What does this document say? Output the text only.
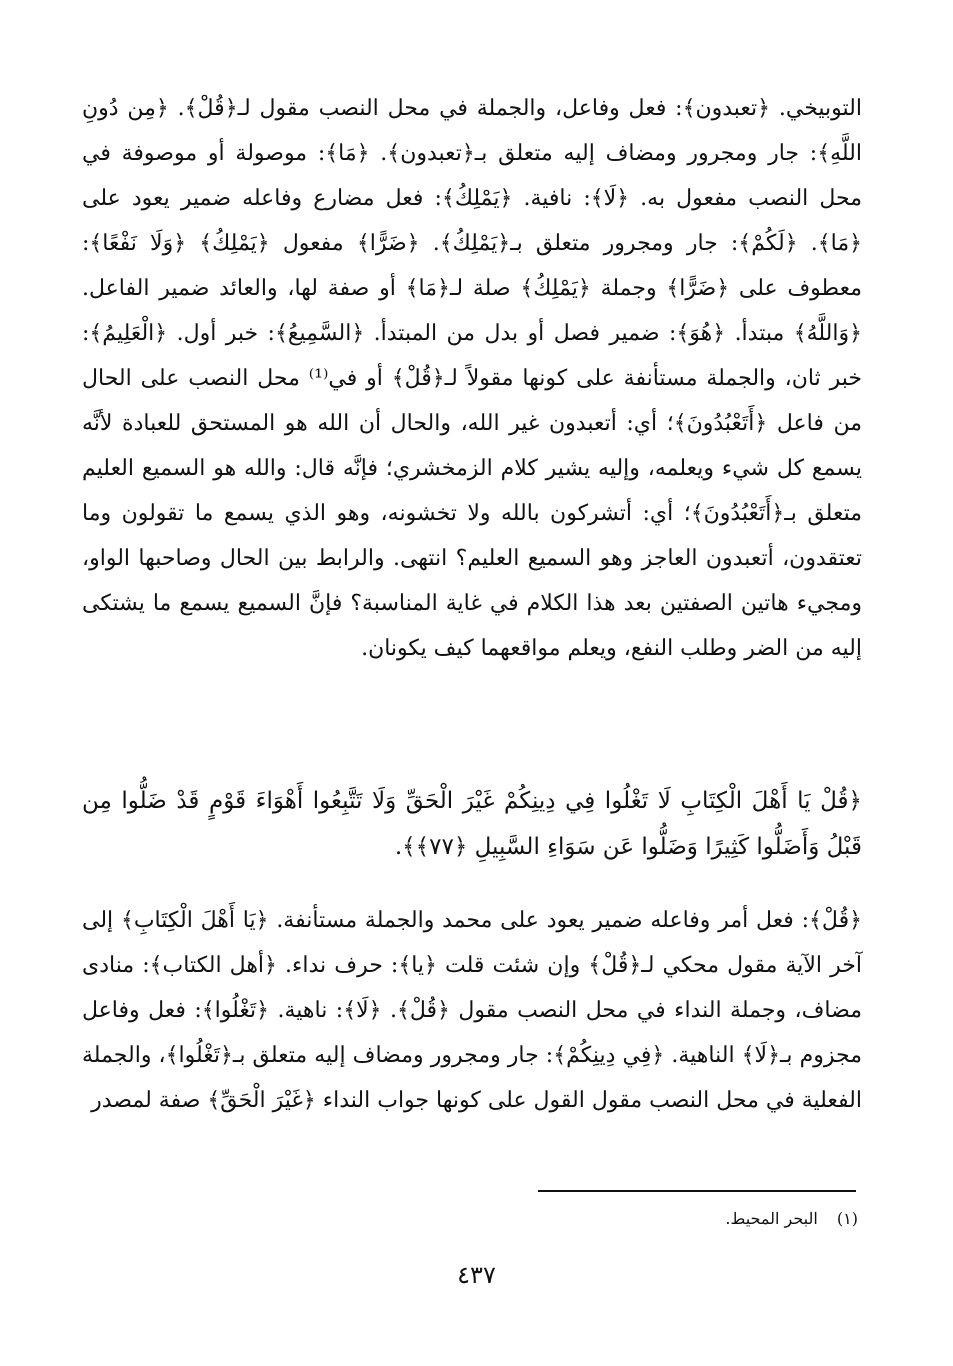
التوبيخي. ﴿تعبدون﴾: فعل وفاعل، والجملة في محل النصب مقول لـ﴿قُلْ﴾. ﴿مِن دُونِ اللَّهِ﴾: جار ومجرور ومضاف إليه متعلق بـ﴿تعبدون﴾. ﴿مَا﴾: موصولة أو موصوفة في محل النصب مفعول به. ﴿لَا﴾: نافية. ﴿يَمْلِكُ﴾: فعل مضارع وفاعله ضمير يعود على ﴿مَا﴾. ﴿لَكُمْ﴾: جار ومجرور متعلق بـ﴿يَمْلِكُ﴾. ﴿ضَرًّا﴾ مفعول ﴿يَمْلِكُ﴾ ﴿وَلَا نَفْعًا﴾: معطوف على ﴿ضَرًّا﴾ وجملة ﴿يَمْلِكُ﴾ صلة لـ﴿مَا﴾ أو صفة لها، والعائد ضمير الفاعل. ﴿وَاللَّهُ﴾ مبتدأ. ﴿هُوَ﴾: ضمير فصل أو بدل من المبتدأ. ﴿السَّمِيعُ﴾: خبر أول. ﴿الْعَلِيمُ﴾: خبر ثان، والجملة مستأنفة على كونها مقولاً لـ﴿قُلْ﴾ أو في⁽¹⁾ محل النصب على الحال من فاعل ﴿أَتَعْبُدُونَ﴾؛ أي: أتعبدون غير الله، والحال أن الله هو المستحق للعبادة لأنَّه يسمع كل شيء ويعلمه، وإليه يشير كلام الزمخشري؛ فإنَّه قال: والله هو السميع العليم متعلق بـ﴿أَتَعْبُدُونَ﴾؛ أي: أتشركون بالله ولا تخشونه، وهو الذي يسمع ما تقولون وما تعتقدون، أتعبدون العاجز وهو السميع العليم؟ انتهى. والرابط بين الحال وصاحبها الواو، ومجيء هاتين الصفتين بعد هذا الكلام في غاية المناسبة؟ فإنَّ السميع يسمع ما يشتكى إليه من الضر وطلب النفع، ويعلم مواقعهما كيف يكونان.

﴿قُلْ يَا أَهْلَ الْكِتَابِ لَا تَغْلُوا فِي دِينِكُمْ غَيْرَ الْحَقِّ وَلَا تَتَّبِعُوا أَهْوَاءَ قَوْمٍ قَدْ ضَلُّوا مِن قَبْلُ وَأَضَلُّوا كَثِيرًا وَضَلُّوا عَن سَوَاءِ السَّبِيلِ ﴿٧٧﴾﴾.

﴿قُلْ﴾: فعل أمر وفاعله ضمير يعود على محمد والجملة مستأنفة. ﴿يَا أَهْلَ الْكِتَابِ﴾ إلى آخر الآية مقول محكي لـ﴿قُلْ﴾ وإن شئت قلت ﴿يا﴾: حرف نداء. ﴿أهل الكتاب﴾: منادى مضاف، وجملة النداء في محل النصب مقول ﴿قُلْ﴾. ﴿لَا﴾: ناهية. ﴿تَغْلُوا﴾: فعل وفاعل مجزوم بـ﴿لَا﴾ الناهية. ﴿فِي دِينِكُمْ﴾: جار ومجرور ومضاف إليه متعلق بـ﴿تَغْلُوا﴾، والجملة الفعلية في محل النصب مقول القول على كونها جواب النداء ﴿غَيْرَ الْحَقِّ﴾ صفة لمصدر

(١) البحر المحيط.

٤٣٧
